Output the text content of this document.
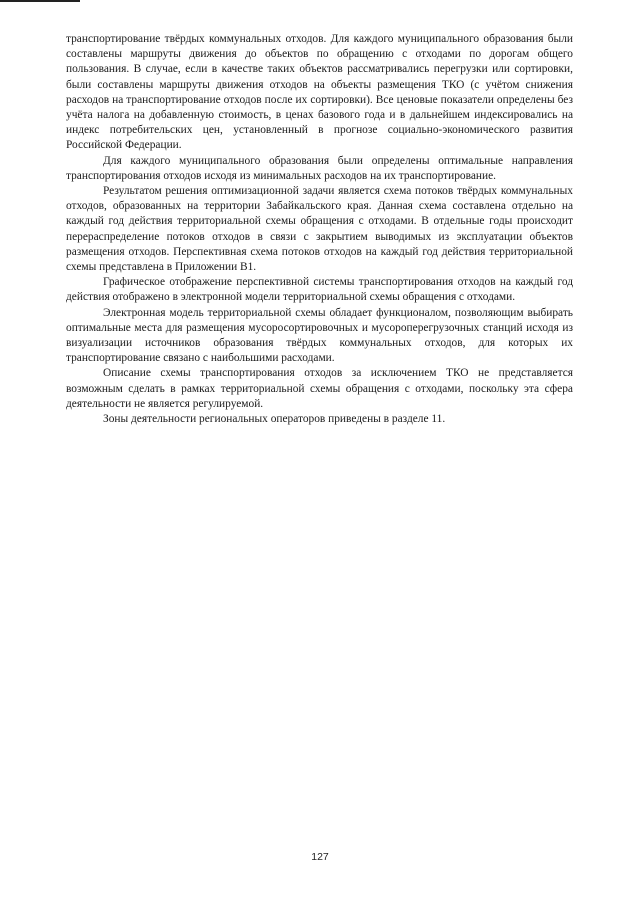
транспортирование твёрдых коммунальных отходов. Для каждого муниципального образования были составлены маршруты движения до объектов по обращению с отходами по дорогам общего пользования. В случае, если в качестве таких объектов рассматривались перегрузки или сортировки, были составлены маршруты движения отходов на объекты размещения ТКО (с учётом снижения расходов на транспортирование отходов после их сортировки). Все ценовые показатели определены без учёта налога на добавленную стоимость, в ценах базового года и в дальнейшем индексировались на индекс потребительских цен, установленный в прогнозе социально-экономического развития Российской Федерации.

Для каждого муниципального образования были определены оптимальные направления транспортирования отходов исходя из минимальных расходов на их транспортирование.

Результатом решения оптимизационной задачи является схема потоков твёрдых коммунальных отходов, образованных на территории Забайкальского края. Данная схема составлена отдельно на каждый год действия территориальной схемы обращения с отходами. В отдельные годы происходит перераспределение потоков отходов в связи с закрытием выводимых из эксплуатации объектов размещения отходов. Перспективная схема потоков отходов на каждый год действия территориальной схемы представлена в Приложении В1.

Графическое отображение перспективной системы транспортирования отходов на каждый год действия отображено в электронной модели территориальной схемы обращения с отходами.

Электронная модель территориальной схемы обладает функционалом, позволяющим выбирать оптимальные места для размещения мусоросортировочных и мусороперегрузочных станций исходя из визуализации источников образования твёрдых коммунальных отходов, для которых их транспортирование связано с наибольшими расходами.

Описание схемы транспортирования отходов за исключением ТКО не представляется возможным сделать в рамках территориальной схемы обращения с отходами, поскольку эта сфера деятельности не является регулируемой.

Зоны деятельности региональных операторов приведены в разделе 11.

127
